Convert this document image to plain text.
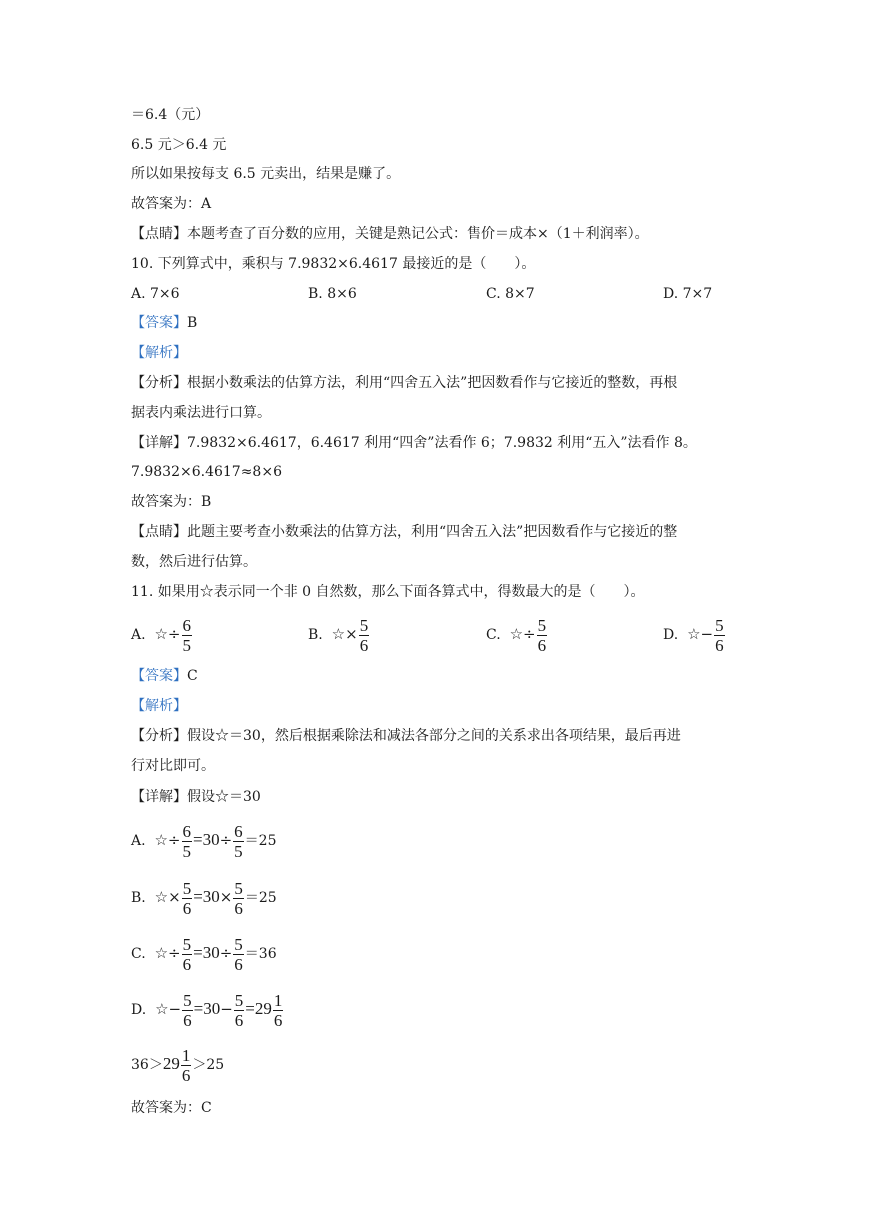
＝6.4（元）
6.5 元＞6.4 元
所以如果按每支 6.5 元卖出，结果是赚了。
故答案为：A
【点睛】本题考查了百分数的应用，关键是熟记公式：售价＝成本×（1＋利润率）。
10. 下列算式中，乘积与 7.9832×6.4617 最接近的是（　　）。
A. 7×6	B. 8×6	C. 8×7	D. 7×7
【答案】B
【解析】
【分析】根据小数乘法的估算方法，利用“四舍五入法”把因数看作与它接近的整数，再根
据表内乘法进行口算。
【详解】7.9832×6.4617，6.4617 利用“四舍”法看作 6；7.9832 利用“五入”法看作 8。
7.9832×6.4617≈8×6
故答案为：B
【点睛】此题主要考查小数乘法的估算方法，利用“四舍五入法”把因数看作与它接近的整
数，然后进行估算。
11. 如果用☆表示同一个非 0 自然数，那么下面各算式中，得数最大的是（　　）。
A. ☆÷ $\frac{6}{5}$	B. ☆× $\frac{5}{6}$	C. ☆÷ $\frac{5}{6}$	D. ☆− $\frac{5}{6}$
【答案】C
【解析】
【分析】假设☆＝30，然后根据乘除法和减法各部分之间的关系求出各项结果，最后再进
行对比即可。
【详解】假设☆＝30
A. ☆÷ $\frac{6}{5} =30\div \frac{6}{5} =25$
B. ☆× $\frac{5}{6} =30\times \frac{5}{6} =25$
C. ☆÷ $\frac{5}{6} =30\div \frac{5}{6} =36$
D. ☆− $\frac{5}{6} =30- \frac{5}{6} =29 \frac{1}{6}$
$36>29 \frac{1}{6} >25$
故答案为：C
